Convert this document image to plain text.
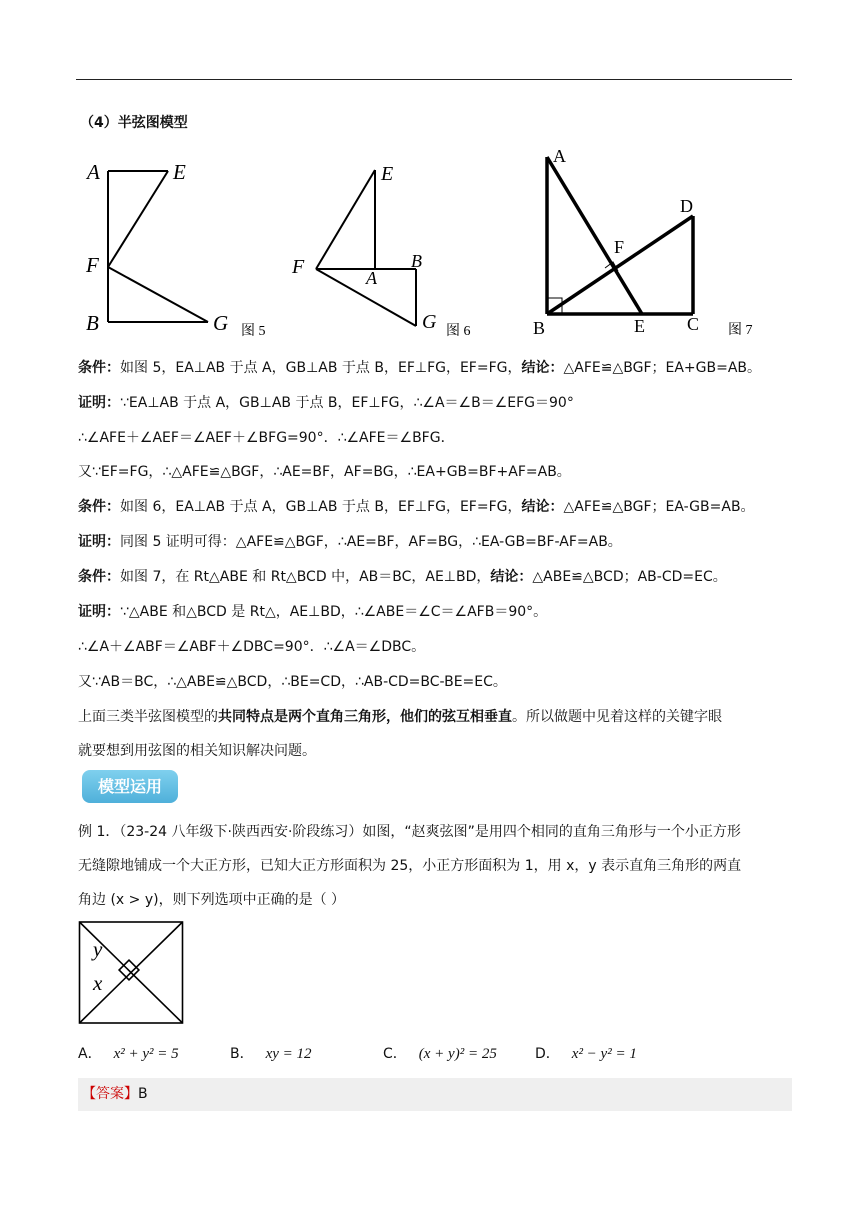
（4）半弦图模型
A	E
F
B	G 图 5
E
F	A
B
G 图 6
A
D
F
B	E C 图 7
条件：如图 5，EA⊥AB 于点 A，GB⊥AB 于点 B，EF⊥FG，EF=FG，结论：△AFE≌△BGF；EA+GB=AB。
证明：∵EA⊥AB 于点 A，GB⊥AB 于点 B，EF⊥FG，∴∠A＝∠B＝∠EFG＝90°
∴∠AFE＋∠AEF＝∠AEF＋∠BFG=90°．∴∠AFE＝∠BFG．
又∵EF=FG，∴△AFE≌△BGF，∴AE=BF，AF=BG，∴EA+GB=BF+AF=AB。
条件：如图 6，EA⊥AB 于点 A，GB⊥AB 于点 B，EF⊥FG，EF=FG，结论：△AFE≌△BGF；EA-GB=AB。
证明：同图 5 证明可得：△AFE≌△BGF，∴AE=BF，AF=BG，∴EA-GB=BF-AF=AB。
条件：如图 7，在 Rt△ABE 和 Rt△BCD 中，AB＝BC，AE⊥BD，结论：△ABE≌△BCD；AB-CD=EC。
证明：∵△ABE 和△BCD 是 Rt△，AE⊥BD，∴∠ABE＝∠C＝∠AFB＝90°。
∴∠A＋∠ABF＝∠ABF＋∠DBC=90°．∴∠A＝∠DBC。
又∵AB＝BC，∴△ABE≌△BCD，∴BE=CD，∴AB-CD=BC-BE=EC。
上面三类半弦图模型的共同特点是两个直角三角形，他们的弦互相垂直。所以做题中见着这样的关键字眼
就要想到用弦图的相关知识解决问题。
模型运用
例 1．（23-24 八年级下·陕西西安·阶段练习）如图，“赵爽弦图”是用四个相同的直角三角形与一个小正方形
无缝隙地铺成一个大正方形，已知大正方形面积为 25，小正方形面积为 1，用 x，y 表示直角三角形的两直
角边 (x > y)，则下列选项中正确的是（ ）
y
x
A． x² + y² = 5	B． xy = 12	C． (x + y)² = 25	D． x² − y² = 1
【答案】B
